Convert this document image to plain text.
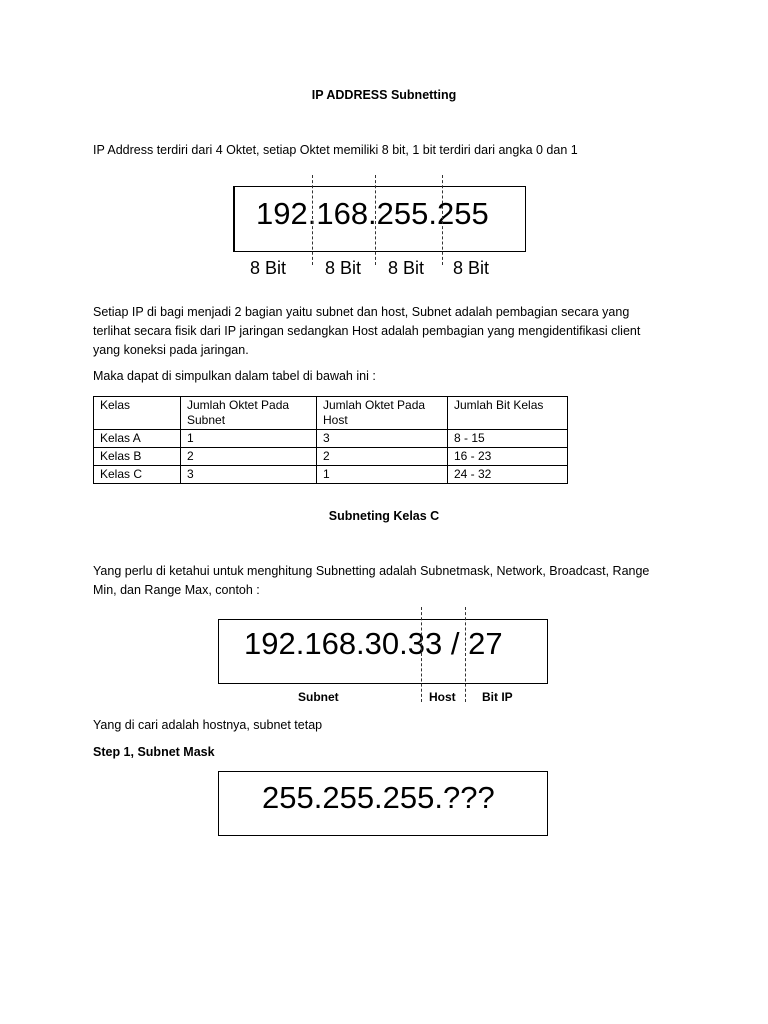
IP ADDRESS Subnetting
IP Address terdiri dari 4 Oktet, setiap Oktet memiliki 8 bit, 1 bit terdiri dari angka 0 dan 1
192.168.255.255
8 Bit 8 Bit 8 Bit 8 Bit
Setiap IP di bagi menjadi 2 bagian yaitu subnet dan host, Subnet adalah pembagian secara yang
terlihat secara fisik dari IP jaringan sedangkan Host adalah pembagian yang mengidentifikasi client
yang koneksi pada jaringan.
Maka dapat di simpulkan dalam tabel di bawah ini :
Kelas	Jumlah Oktet Pada Subnet	Jumlah Oktet Pada Host	Jumlah Bit Kelas
Kelas A	1	3	8 - 15
Kelas B	2	2	16 - 23
Kelas C	3	1	24 - 32
Subneting Kelas C
Yang perlu di ketahui untuk menghitung Subnetting adalah Subnetmask, Network, Broadcast, Range
Min, dan Range Max, contoh :
192.168.30.33 / 27
Subnet	Host Bit IP
Yang di cari adalah hostnya, subnet tetap
Step 1, Subnet Mask
255.255.255.???
